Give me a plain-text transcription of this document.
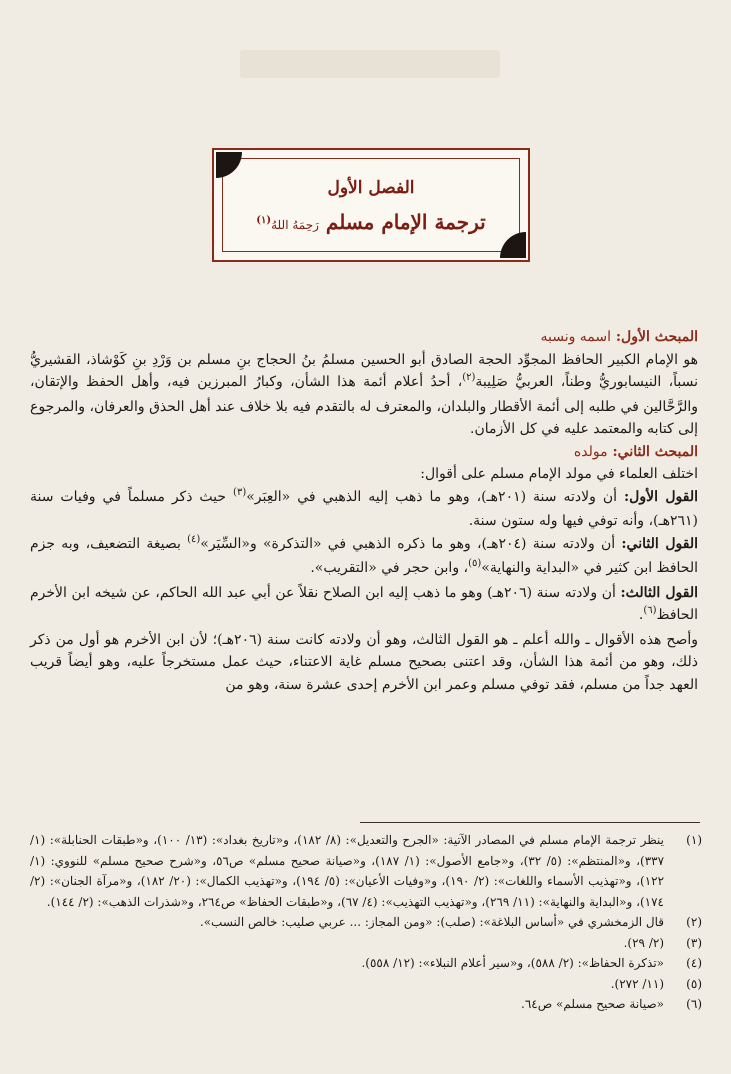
الفصل الأول
ترجمة الإمام مسلم رَحِمَهُ اللهُ$^{(١)}$

المبحث الأول: اسمه ونسبه

هو الإمام الكبير الحافظ المجوِّد الحجة الصادق أبو الحسين مسلمُ بنُ الحجاج بنِ مسلم بن وَرْدِ بنِ كَوْشاذ، القشيريُّ نسباً، النيسابوريُّ وطناً، العربيُّ صَلِيبة$^{(٢)}$، أحدُ أعلام أئمة هذا الشأن، وكبارُ المبرزين فيه، وأهل الحفظ والإتقان، والرَّحَّالين في طلبه إلى أئمة الأقطار والبلدان، والمعترف له بالتقدم فيه بلا خلاف عند أهل الحذق والعرفان، والمرجوع إلى كتابه والمعتمد عليه في كل الأزمان.

المبحث الثاني: مولده

اختلف العلماء في مولد الإمام مسلم على أقوال:

القول الأول: أن ولادته سنة (٢٠١هـ)، وهو ما ذهب إليه الذهبي في «العِبَر»$^{(٣)}$ حيث ذكر مسلماً في وفيات سنة (٢٦١هـ)، وأنه توفي فيها وله ستون سنة.

القول الثاني: أن ولادته سنة (٢٠٤هـ)، وهو ما ذكره الذهبي في «التذكرة» و«السِّيَر»$^{(٤)}$ بصيغة التضعيف، وبه جزم الحافظ ابن كثير في «البداية والنهاية»$^{(٥)}$، وابن حجر في «التقريب».

القول الثالث: أن ولادته سنة (٢٠٦هـ) وهو ما ذهب إليه ابن الصلاح نقلاً عن أبي عبد الله الحاكم، عن شيخه ابن الأخرم الحافظ$^{(٦)}$.

وأصح هذه الأقوال ـ والله أعلم ـ هو القول الثالث، وهو أن ولادته كانت سنة (٢٠٦هـ)؛ لأن ابن الأخرم هو أول من ذكر ذلك، وهو من أئمة هذا الشأن، وقد اعتنى بصحيح مسلم غاية الاعتناء، حيث عمل مستخرجاً عليه، وهو أيضاً قريب العهد جداً من مسلم، فقد توفي مسلم وعمر ابن الأخرم إحدى عشرة سنة، وهو من

(١)
ينظر ترجمة الإمام مسلم في المصادر الآتية: «الجرح والتعديل»: (٨/ ١٨٢)، و«تاريخ بغداد»: (١٣/ ١٠٠)، و«طبقات الحنابلة»: (١/ ٣٣٧)، و«المنتظم»: (٥/ ٣٢)، و«جامع الأصول»: (١/ ١٨٧)، و«صيانة صحيح مسلم» ص٥٦، و«شرح صحيح مسلم» للنووي: (١/ ١٢٢)، و«تهذيب الأسماء واللغات»: (٢/ ١٩٠)، و«وفيات الأعيان»: (٥/ ١٩٤)، و«تهذيب الكمال»: (٢٠/ ١٨٢)، و«مرآة الجنان»: (٢/ ١٧٤)، و«البداية والنهاية»: (١١/ ٢٦٩)، و«تهذيب التهذيب»: (٤/ ٦٧)، و«طبقات الحفاظ» ص٢٦٤، و«شذرات الذهب»: (٢/ ١٤٤).

(٢)
قال الزمخشري في «أساس البلاغة»: (صلب): «ومن المجاز: ... عربي صليب: خالص النسب».

(٣)
(٢/ ٢٩).

(٤)
«تذكرة الحفاظ»: (٢/ ٥٨٨)، و«سير أعلام النبلاء»: (١٢/ ٥٥٨).

(٥)
(١١/ ٢٧٢).

(٦)
«صيانة صحيح مسلم» ص٦٤.
